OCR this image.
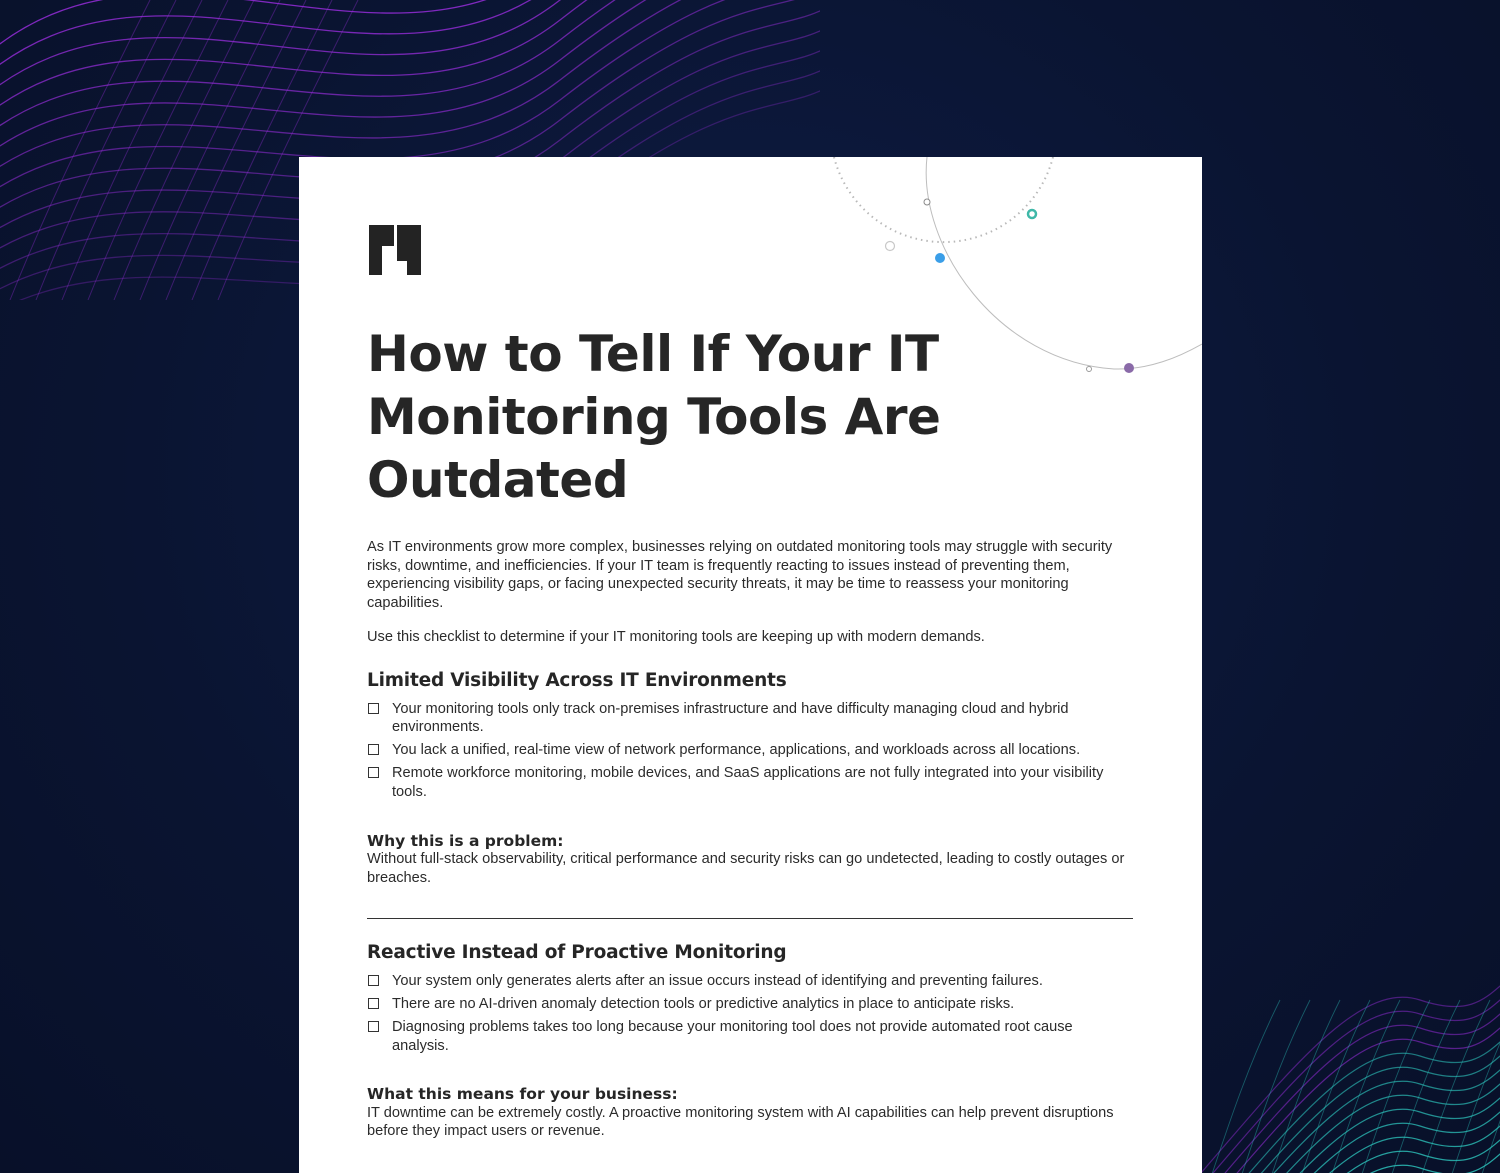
How to Tell If Your IT Monitoring Tools Are Outdated

As IT environments grow more complex, businesses relying on outdated monitoring tools may struggle with security risks, downtime, and inefficiencies. If your IT team is frequently reacting to issues instead of preventing them, experiencing visibility gaps, or facing unexpected security threats, it may be time to reassess your monitoring capabilities.

Use this checklist to determine if your IT monitoring tools are keeping up with modern demands.

Limited Visibility Across IT Environments
Your monitoring tools only track on-premises infrastructure and have difficulty managing cloud and hybrid environments.
You lack a unified, real-time view of network performance, applications, and workloads across all locations.
Remote workforce monitoring, mobile devices, and SaaS applications are not fully integrated into your visibility tools.
Why this is a problem:

Without full-stack observability, critical performance and security risks can go undetected, leading to costly outages or breaches.

Reactive Instead of Proactive Monitoring
Your system only generates alerts after an issue occurs instead of identifying and preventing failures.
There are no AI-driven anomaly detection tools or predictive analytics in place to anticipate risks.
Diagnosing problems takes too long because your monitoring tool does not provide automated root cause analysis.
What this means for your business:

IT downtime can be extremely costly. A proactive monitoring system with AI capabilities can help prevent disruptions before they impact users or revenue.
